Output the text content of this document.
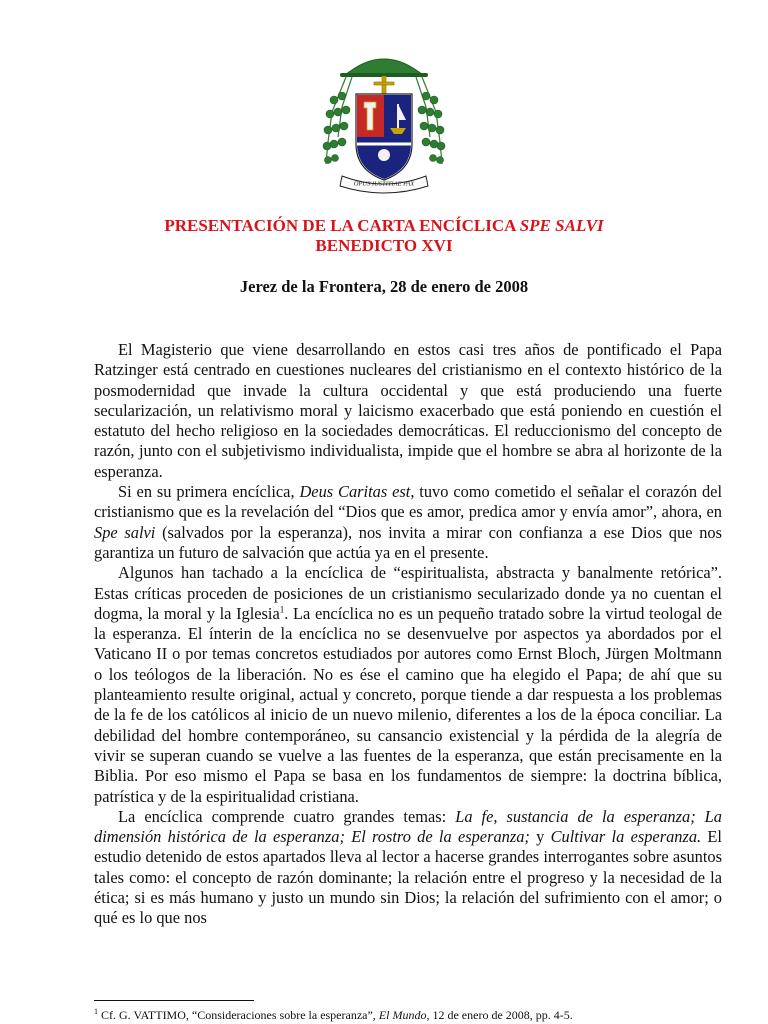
OPUS IUSTITIAE PAX
PRESENTACIÓN DE LA CARTA ENCÍCLICA SPE SALVI
BENEDICTO XVI
Jerez de la Frontera, 28 de enero de 2008

El Magisterio que viene desarrollando en estos casi tres años de pontificado el Papa Ratzinger está centrado en cuestiones nucleares del cristianismo en el contexto histórico de la posmodernidad que invade la cultura occidental y que está produciendo una fuerte secularización, un relativismo moral y laicismo exacerbado que está poniendo en cuestión el estatuto del hecho religioso en la sociedades democráticas. El reduccionismo del concepto de razón, junto con el subjetivismo individualista, impide que el hombre se abra al horizonte de la esperanza.

Si en su primera encíclica, Deus Caritas est, tuvo como cometido el señalar el corazón del cristianismo que es la revelación del “Dios que es amor, predica amor y envía amor”, ahora, en Spe salvi (salvados por la esperanza), nos invita a mirar con confianza a ese Dios que nos garantiza un futuro de salvación que actúa ya en el presente.

Algunos han tachado a la encíclica de “espiritualista, abstracta y banalmente retórica”. Estas críticas proceden de posiciones de un cristianismo secularizado donde ya no cuentan el dogma, la moral y la Iglesia$^1$. La encíclica no es un pequeño tratado sobre la virtud teologal de la esperanza. El ínterin de la encíclica no se desenvuelve por aspectos ya abordados por el Vaticano II o por temas concretos estudiados por autores como Ernst Bloch, Jürgen Moltmann o los teólogos de la liberación. No es ése el camino que ha elegido el Papa; de ahí que su planteamiento resulte original, actual y concreto, porque tiende a dar respuesta a los problemas de la fe de los católicos al inicio de un nuevo milenio, diferentes a los de la época conciliar. La debilidad del hombre contemporáneo, su cansancio existencial y la pérdida de la alegría de vivir se superan cuando se vuelve a las fuentes de la esperanza, que están precisamente en la Biblia. Por eso mismo el Papa se basa en los fundamentos de siempre: la doctrina bíblica, patrística y de la espiritualidad cristiana.

La encíclica comprende cuatro grandes temas: La fe, sustancia de la esperanza; La dimensión histórica de la esperanza; El rostro de la esperanza; y Cultivar la esperanza. El estudio detenido de estos apartados lleva al lector a hacerse grandes interrogantes sobre asuntos tales como: el concepto de razón dominante; la relación entre el progreso y la necesidad de la ética; si es más humano y justo un mundo sin Dios; la relación del sufrimiento con el amor; o qué es lo que nos

$^1$ Cf. G. VATTIMO, “Consideraciones sobre la esperanza”, El Mundo, 12 de enero de 2008, pp. 4-5.
